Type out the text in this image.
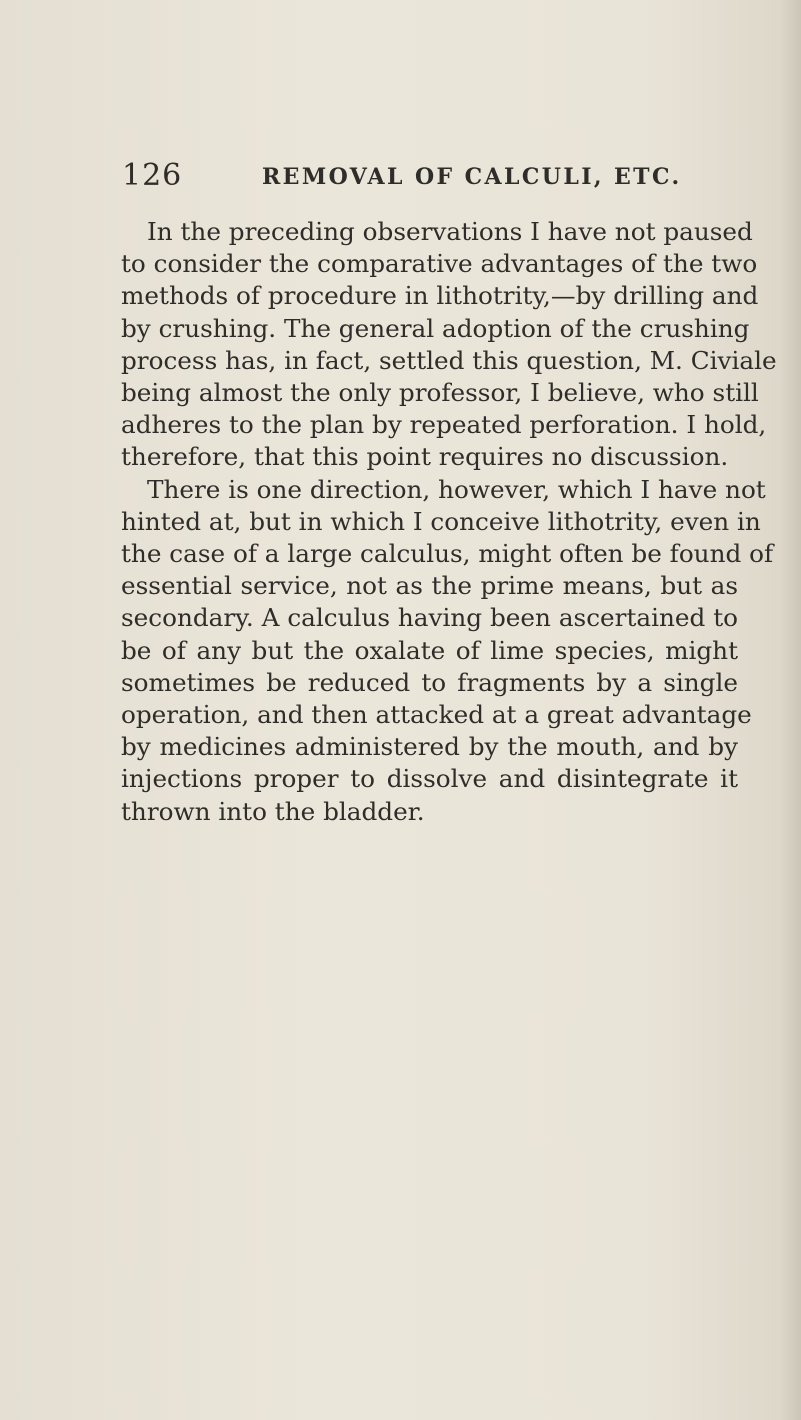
126	REMOVAL OF CALCULI, ETC.
In the preceding observations I have not paused
to consider the comparative advantages of the two
methods of procedure in lithotrity,—by drilling and
by crushing. The general adoption of the crushing
process has, in fact, settled this question, M. Civiale
being almost the only professor, I believe, who still
adheres to the plan by repeated perforation. I hold,
therefore, that this point requires no discussion.
There is one direction, however, which I have not
hinted at, but in which I conceive lithotrity, even in
the case of a large calculus, might often be found of
essential service, not as the prime means, but as
secondary. A calculus having been ascertained to
be of any but the oxalate of lime species, might
sometimes be reduced to fragments by a single
operation, and then attacked at a great advantage
by medicines administered by the mouth, and by
injections proper to dissolve and disintegrate it
thrown into the bladder.
